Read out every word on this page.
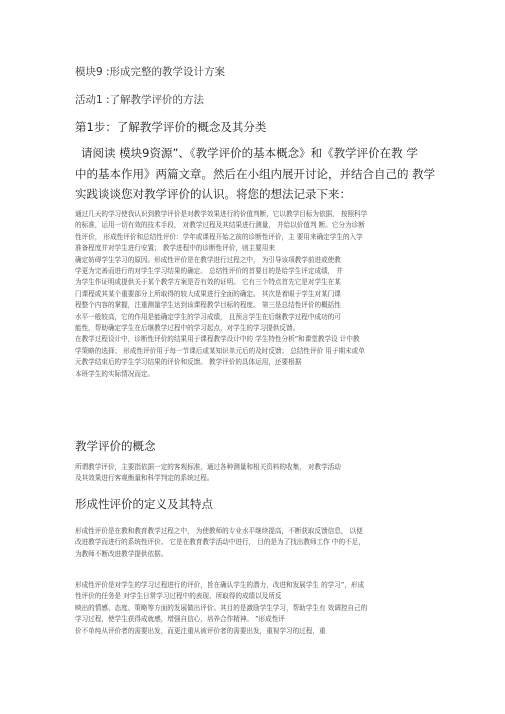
模块9 :形成完整的教学设计方案
活动1 :了解教学评价的方法
第1步：了解教学评价的概念及其分类
请阅读 模块9资源”、《教学评价的基本概念》和《教学评价在教 学
中的基本作用》两篇文章。然后在小组内展开讨论，并结合自己的 教学
实践谈谈您对教学评价的认识。将您的想法记录下来：
通过几天的学习使我认识到教学评价是对教学效果进行的价值判断，它以教学目标为依据， 按照科学
的标准，运用一切有效的技术手段， 对教学过程及其结果进行测量， 并给以价值判 断。它分为诊断
性评价， 形成性评价和总结性评价：学年或课程开始之前的诊断性评价，主 要用来确定学生的入学
准备程度并对学生进行安置； 教学进程中的诊断性评价，则主要用来
确定妨碍学生学习的原因。形成性评价是在教学进行过程之中， 为引导该项教学前进或使教
学更为完善而进行的对学生学习结果的确定。 总结性评价的首要目的是给学生评定成绩， 并
为学生作证明或提供关于某个教学方案是否有效的证明。 它有三个特点首先它是对学生在某
门课程或其某个重要部分上所取得的较大成果进行全面的确定。 其次是着眼于学生对某门课
程整个内容的掌握，注重测量学生达到该课程教学目标的程度。 第三是总结性评价的概括性
水平一般较高，它的作用是能确定学生的学习成绩， 且预言学生在后继教学过程中成功的可
能性，帮助确定学生在后继教学过程中的学习起点，对学生的学习提供反馈。
在教学过程设计中，诊断性评价的结果用于课程教学设计中的 学生特性分析”和课堂教学设 计中教
学策略的选择； 形成性评价用于每一节课后或某知识单元后的及时反馈； 总结性评价 用于期末或单
元教学结束后的学生学习结果的评价和反馈。 教学评价的具体运用，还要根据
本班学生的实际情况而定。
教学评价的概念
所谓教学评价，主要指依据一定的客观标准，通过各种测量和相关资料的收集， 对教学活动
及其效果进行客观衡量和科学判定的系统过程。
形成性评价的定义及其特点
形成性评价是在教和教育教学过程之中， 为使教师的专业水平继续提高，不断获取反馈信息， 以便
改进教学而进行的系统性评价。 它是在教育教学活动中进行， 目的是为了找出教师工作 中的不足，
为教师不断改进教学提供依据。
形成性评价是对学生的学习过程进行的评价，旨在确认学生的潜力，改进和发展学生 的学习”，形成
性评价的任务是 对学生日常学习过程中的表现、所取得的成绩以及所反
映出的情感、态度、策略等方面的发展做出评价。其目的是激励学生学习，帮助学生有 效调控自己的
学习过程，使学生获得成就感，增强自信心，培养合作精神。 ”形成性评
价不单纯从评价者的需要出发，而更注重从被评价者的需要出发，重视学习的过程，重
